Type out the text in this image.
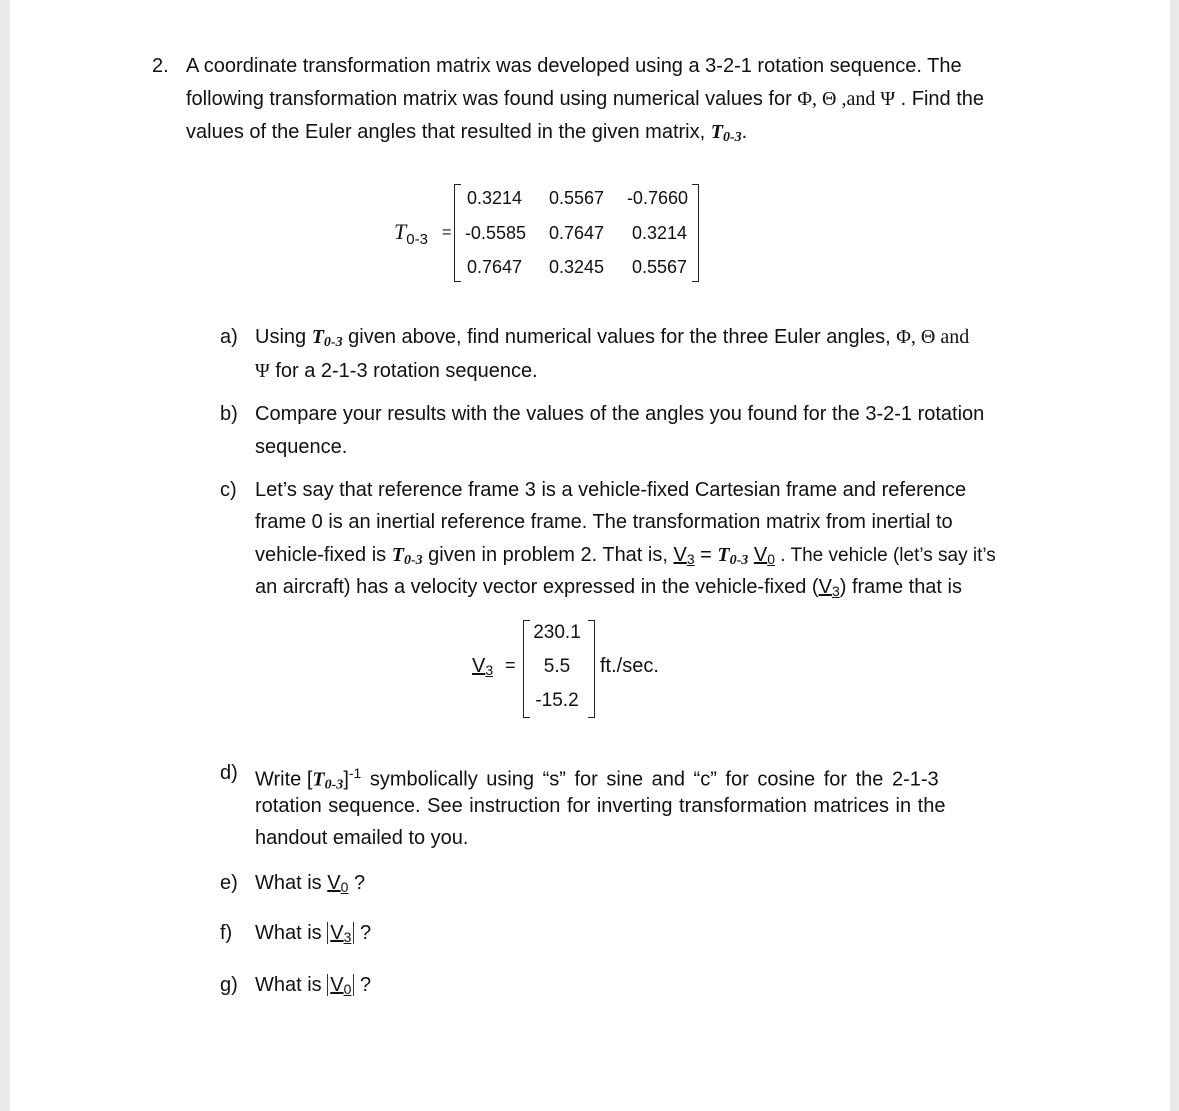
2. A coordinate transformation matrix was developed using a 3-2-1 rotation sequence. The
following transformation matrix was found using numerical values for Φ, Θ ,and Ψ . Find the
values of the Euler angles that resulted in the given matrix, $T_{0-3}$.
$T_{0-3}$ =
0.3214	0.5567	-0.7660
-0.5585	0.7647	0.3214
0.7647	0.3245	0.5567
a) Using $T_{0-3}$ given above, find numerical values for the three Euler angles, Φ, Θ and
Ψ for a 2-1-3 rotation sequence.
b) Compare your results with the values of the angles you found for the 3-2-1 rotation
sequence.
c) Let’s say that reference frame 3 is a vehicle-fixed Cartesian frame and reference
frame 0 is an inertial reference frame. The transformation matrix from inertial to
vehicle-fixed is $T_{0-3}$ given in problem 2. That is, $V_3 = T_{0-3}$ $V_0$ . The vehicle (let’s say it’s
an aircraft) has a velocity vector expressed in the vehicle-fixed $(V_3)$ frame that is
$V_3$ =
230.1
5.5
-15.2
ft./sec.
d) Write $[T_{0-3}]^{-1}$ symbolically using “s” for sine and “c” for cosine for the 2-1-3
rotation sequence. See instruction for inverting transformation matrices in the
handout emailed to you.
e) What is $V_0$ ?
f) What is $V_3$ ?
g) What is $V_0$ ?
